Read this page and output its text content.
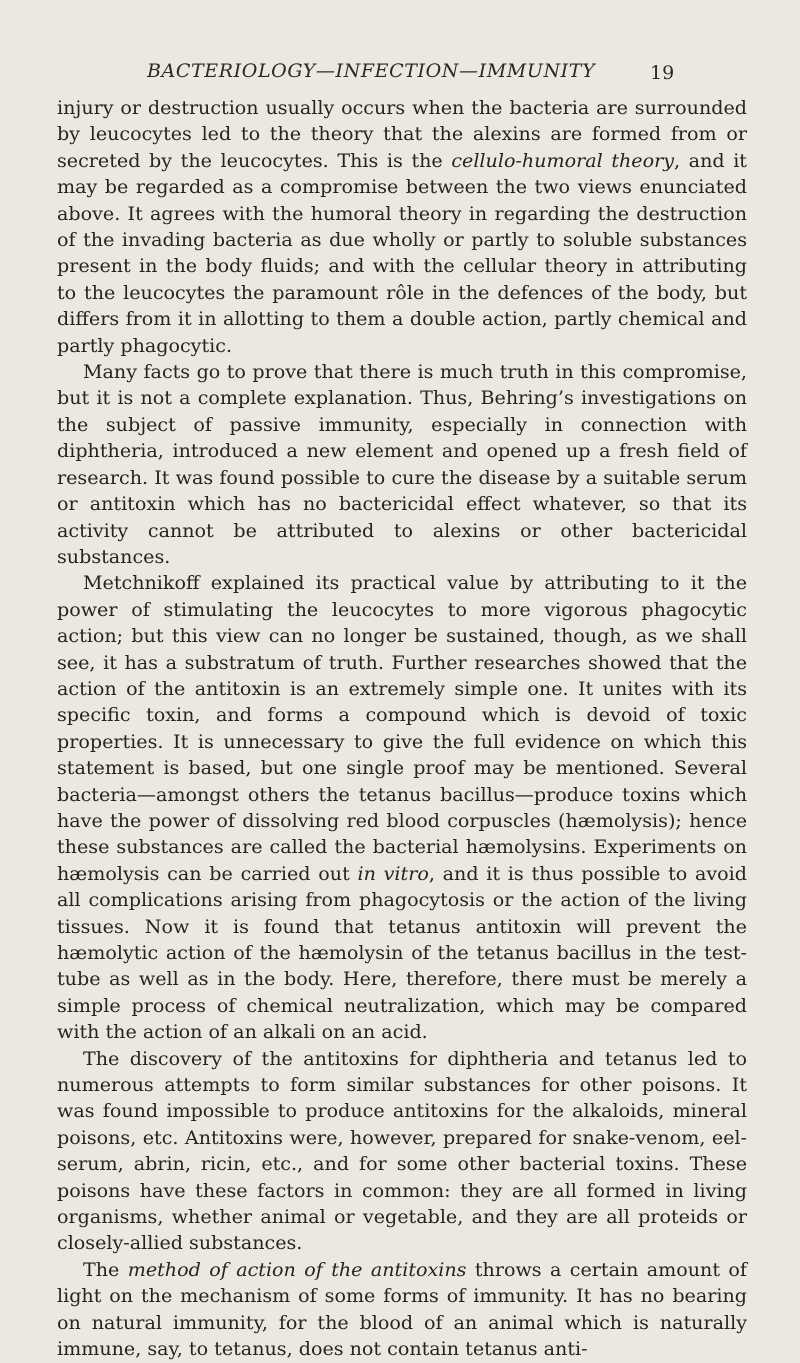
BACTERIOLOGY—INFECTION—IMMUNITY	19

injury or destruction usually occurs when the bacteria are surrounded by leucocytes led to the theory that the alexins are formed from or secreted by the leucocytes. This is the cellulo-humoral theory, and it may be regarded as a compromise between the two views enunciated above. It agrees with the humoral theory in regarding the destruction of the invading bacteria as due wholly or partly to soluble substances present in the body fluids; and with the cellular theory in attributing to the leucocytes the paramount rôle in the defences of the body, but differs from it in allotting to them a double action, partly chemical and partly phagocytic.

Many facts go to prove that there is much truth in this compromise, but it is not a complete explanation. Thus, Behring’s investigations on the subject of passive immunity, especially in connection with diphtheria, introduced a new element and opened up a fresh field of research. It was found possible to cure the disease by a suitable serum or antitoxin which has no bactericidal effect whatever, so that its activity cannot be attributed to alexins or other bactericidal substances.

Metchnikoff explained its practical value by attributing to it the power of stimulating the leucocytes to more vigorous phagocytic action; but this view can no longer be sustained, though, as we shall see, it has a substratum of truth. Further researches showed that the action of the antitoxin is an extremely simple one. It unites with its specific toxin, and forms a compound which is devoid of toxic properties. It is unnecessary to give the full evidence on which this statement is based, but one single proof may be mentioned. Several bacteria—amongst others the tetanus bacillus—produce toxins which have the power of dissolving red blood corpuscles (hæmolysis); hence these substances are called the bacterial hæmolysins. Experiments on hæmolysis can be carried out in vitro, and it is thus possible to avoid all complications arising from phagocytosis or the action of the living tissues. Now it is found that tetanus antitoxin will prevent the hæmolytic action of the hæmolysin of the tetanus bacillus in the test-tube as well as in the body. Here, therefore, there must be merely a simple process of chemical neutralization, which may be compared with the action of an alkali on an acid.

The discovery of the antitoxins for diphtheria and tetanus led to numerous attempts to form similar substances for other poisons. It was found impossible to produce antitoxins for the alkaloids, mineral poisons, etc. Antitoxins were, however, prepared for snake-venom, eel-serum, abrin, ricin, etc., and for some other bacterial toxins. These poisons have these factors in common: they are all formed in living organisms, whether animal or vegetable, and they are all proteids or closely-allied substances.

The method of action of the antitoxins throws a certain amount of light on the mechanism of some forms of immunity. It has no bearing on natural immunity, for the blood of an animal which is naturally immune, say, to tetanus, does not contain tetanus anti-
